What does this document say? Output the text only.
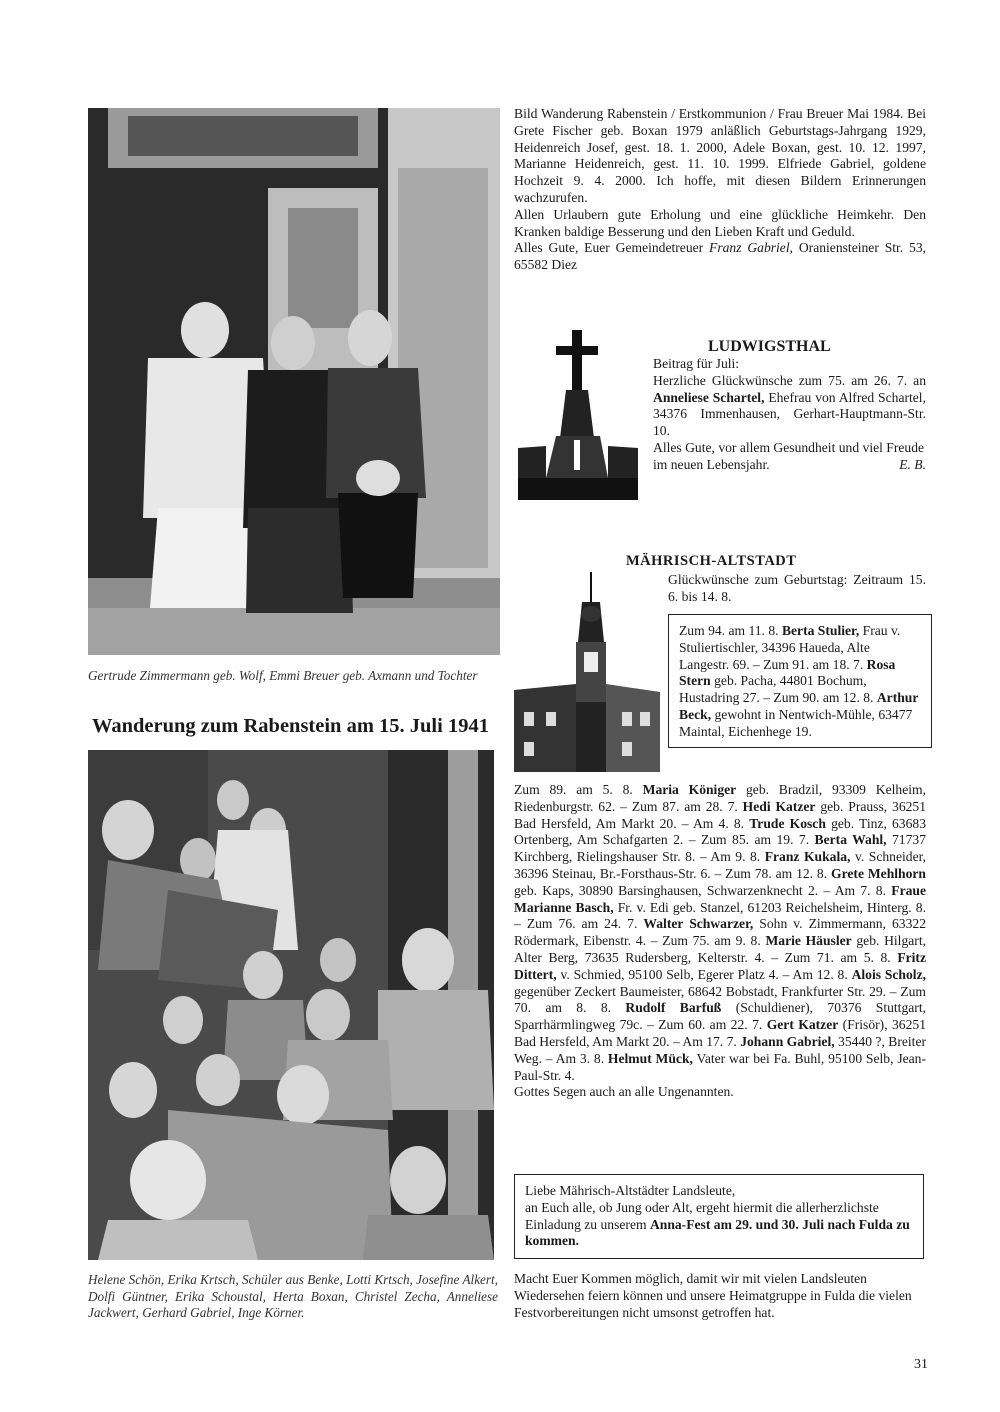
Gertrude Zimmermann geb. Wolf, Emmi Breuer geb. Axmann und Tochter
Wanderung zum Rabenstein am 15. Juli 1941
Helene Schön, Erika Krtsch, Schüler aus Benke, Lotti Krtsch, Josefine Alkert, Dolfi Güntner, Erika Schoustal, Herta Boxan, Christel Zecha, Anneliese Jackwert, Gerhard Gabriel, Inge Körner.
Bild Wanderung Rabenstein / Erstkommunion / Frau Breuer Mai 1984. Bei Grete Fischer geb. Boxan 1979 anläßlich Geburtstags-Jahrgang 1929, Heidenreich Josef, gest. 18. 1. 2000, Adele Boxan, gest. 10. 12. 1997, Marianne Heidenreich, gest. 11. 10. 1999. Elfriede Gabriel, goldene Hochzeit 9. 4. 2000. Ich hoffe, mit diesen Bildern Erinnerungen wachzurufen.
Allen Urlaubern gute Erholung und eine glückliche Heimkehr. Den Kranken baldige Besserung und den Lieben Kraft und Geduld.
Alles Gute, Euer Gemeindetreuer Franz Gabriel, Oraniensteiner Str. 53, 65582 Diez
LUDWIGSTHAL
Beitrag für Juli:
Herzliche Glückwünsche zum 75. am 26. 7. an Anneliese Schartel, Ehefrau von Alfred Schartel, 34376 Immenhausen, Gerhart-Hauptmann-Str. 10.
Alles Gute, vor allem Gesundheit und viel Freude im neuen Lebensjahr.	E. B.
MÄHRISCH-ALTSTADT
Glückwünsche zum Geburtstag: Zeitraum 15. 6. bis 14. 8.
Zum 94. am 11. 8. Berta Stulier, Frau v. Stuliertischler, 34396 Haueda, Alte Langestr. 69. – Zum 91. am 18. 7. Rosa Stern geb. Pacha, 44801 Bochum, Hustadring 27. – Zum 90. am 12. 8. Arthur Beck, gewohnt in Nentwich-Mühle, 63477 Maintal, Eichenhege 19.
Zum 89. am 5. 8. Maria Königer geb. Bradzil, 93309 Kelheim, Riedenburgstr. 62. – Zum 87. am 28. 7. Hedi Katzer geb. Prauss, 36251 Bad Hersfeld, Am Markt 20. – Am 4. 8. Trude Kosch geb. Tinz, 63683 Ortenberg, Am Schafgarten 2. – Zum 85. am 19. 7. Berta Wahl, 71737 Kirchberg, Rielingshauser Str. 8. – Am 9. 8. Franz Kukala, v. Schneider, 36396 Steinau, Br.-Forsthaus-Str. 6. – Zum 78. am 12. 8. Grete Mehlhorn geb. Kaps, 30890 Barsinghausen, Schwarzenknecht 2. – Am 7. 8. Fraue Marianne Basch, Fr. v. Edi geb. Stanzel, 61203 Reichelsheim, Hinterg. 8. – Zum 76. am 24. 7. Walter Schwarzer, Sohn v. Zimmermann, 63322 Rödermark, Eibenstr. 4. – Zum 75. am 9. 8. Marie Häusler geb. Hilgart, Alter Berg, 73635 Rudersberg, Kelterstr. 4. – Zum 71. am 5. 8. Fritz Dittert, v. Schmied, 95100 Selb, Egerer Platz 4. – Am 12. 8. Alois Scholz, gegenüber Zeckert Baumeister, 68642 Bobstadt, Frankfurter Str. 29. – Zum 70. am 8. 8. Rudolf Barfuß (Schuldiener), 70376 Stuttgart, Sparrhärmlingweg 79c. – Zum 60. am 22. 7. Gert Katzer (Frisör), 36251 Bad Hersfeld, Am Markt 20. – Am 17. 7. Johann Gabriel, 35440 ?, Breiter Weg. – Am 3. 8. Helmut Mück, Vater war bei Fa. Buhl, 95100 Selb, Jean-Paul-Str. 4.
Gottes Segen auch an alle Ungenannten.
Liebe Mährisch-Altstädter Landsleute,
an Euch alle, ob Jung oder Alt, ergeht hiermit die allerherzlichste Einladung zu unserem Anna-Fest am 29. und 30. Juli nach Fulda zu kommen.
Macht Euer Kommen möglich, damit wir mit vielen Landsleuten Wiedersehen feiern können und unsere Heimatgruppe in Fulda die vielen Festvorbereitungen nicht umsonst getroffen hat.
31
